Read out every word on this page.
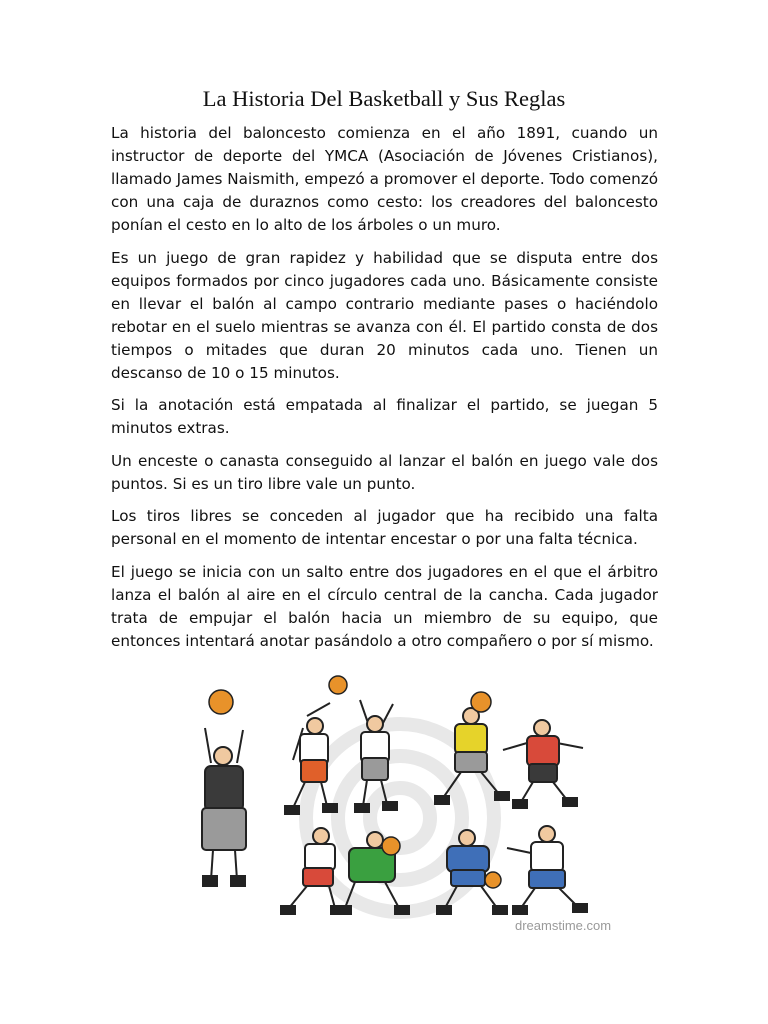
La Historia Del Basketball y Sus Reglas

La historia del baloncesto comienza en el año 1891, cuando un instructor de deporte del YMCA (Asociación de Jóvenes Cristianos), llamado James Naismith, empezó a promover el deporte. Todo comenzó con una caja de duraznos como cesto: los creadores del baloncesto ponían el cesto en lo alto de los árboles o un muro.

Es un juego de gran rapidez y habilidad que se disputa entre dos equipos formados por cinco jugadores cada uno. Básicamente consiste en llevar el balón al campo contrario mediante pases o haciéndolo rebotar en el suelo mientras se avanza con él. El partido consta de dos tiempos o mitades que duran 20 minutos cada uno. Tienen un descanso de 10 o 15 minutos.

Si la anotación está empatada al finalizar el partido, se juegan 5 minutos extras.

Un enceste o canasta conseguido al lanzar el balón en juego vale dos puntos. Si es un tiro libre vale un punto.

Los tiros libres se conceden al jugador que ha recibido una falta personal en el momento de intentar encestar o por una falta técnica.

El juego se inicia con un salto entre dos jugadores en el que el árbitro lanza el balón al aire en el círculo central de la cancha. Cada jugador trata de empujar el balón hacia un miembro de su equipo, que entonces intentará anotar pasándolo a otro compañero o por sí mismo.

dreamstime.com
